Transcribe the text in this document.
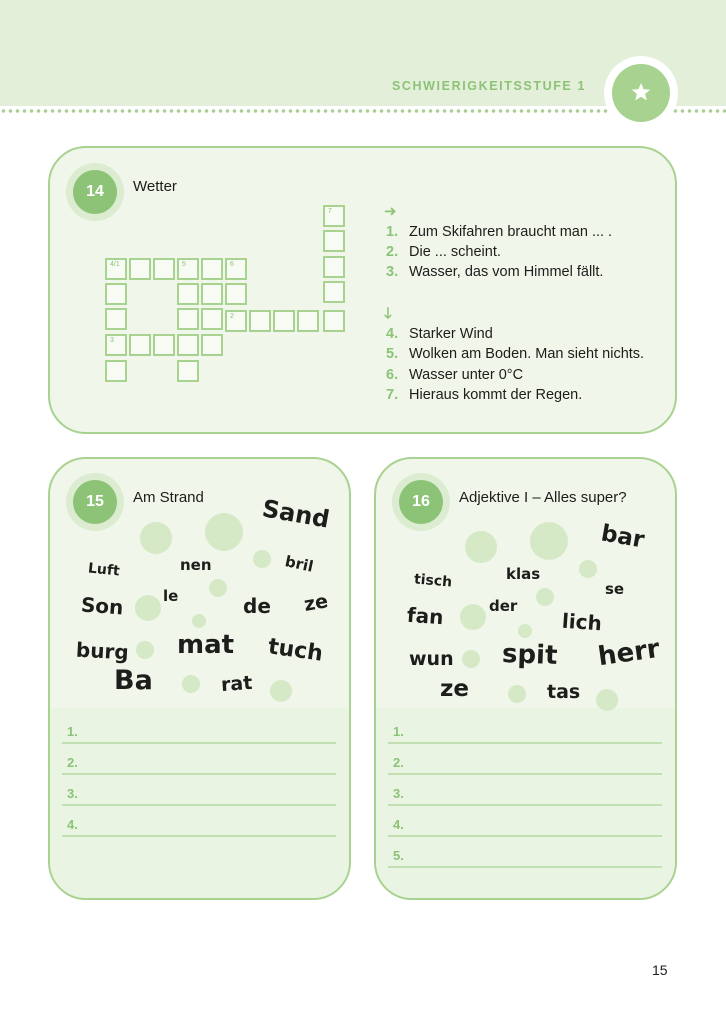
SCHWIERIGKEITSSTUFE 1
14	Wetter
7
4/1	5	6
3
2
➜
1. Zum Skifahren braucht man ... .
2. Die ... scheint.
3. Wasser, das vom Himmel fällt.
🡓
4. Starker Wind
5. Wolken am Boden. Man sieht nichts.
6. Wasser unter 0°C
7. Hieraus kommt der Regen.
15	Am Strand Sand
Luft	nen	bril
Son	le	de ze
burg mat tuch
Ba	rat
1.
2.
3.
4.
16	Adjektive I – Alles super?
bar
tisch	klas
se
fan	der
lich
wun spit herr
ze	tas
1.
2.
3.
4.
5.
15
